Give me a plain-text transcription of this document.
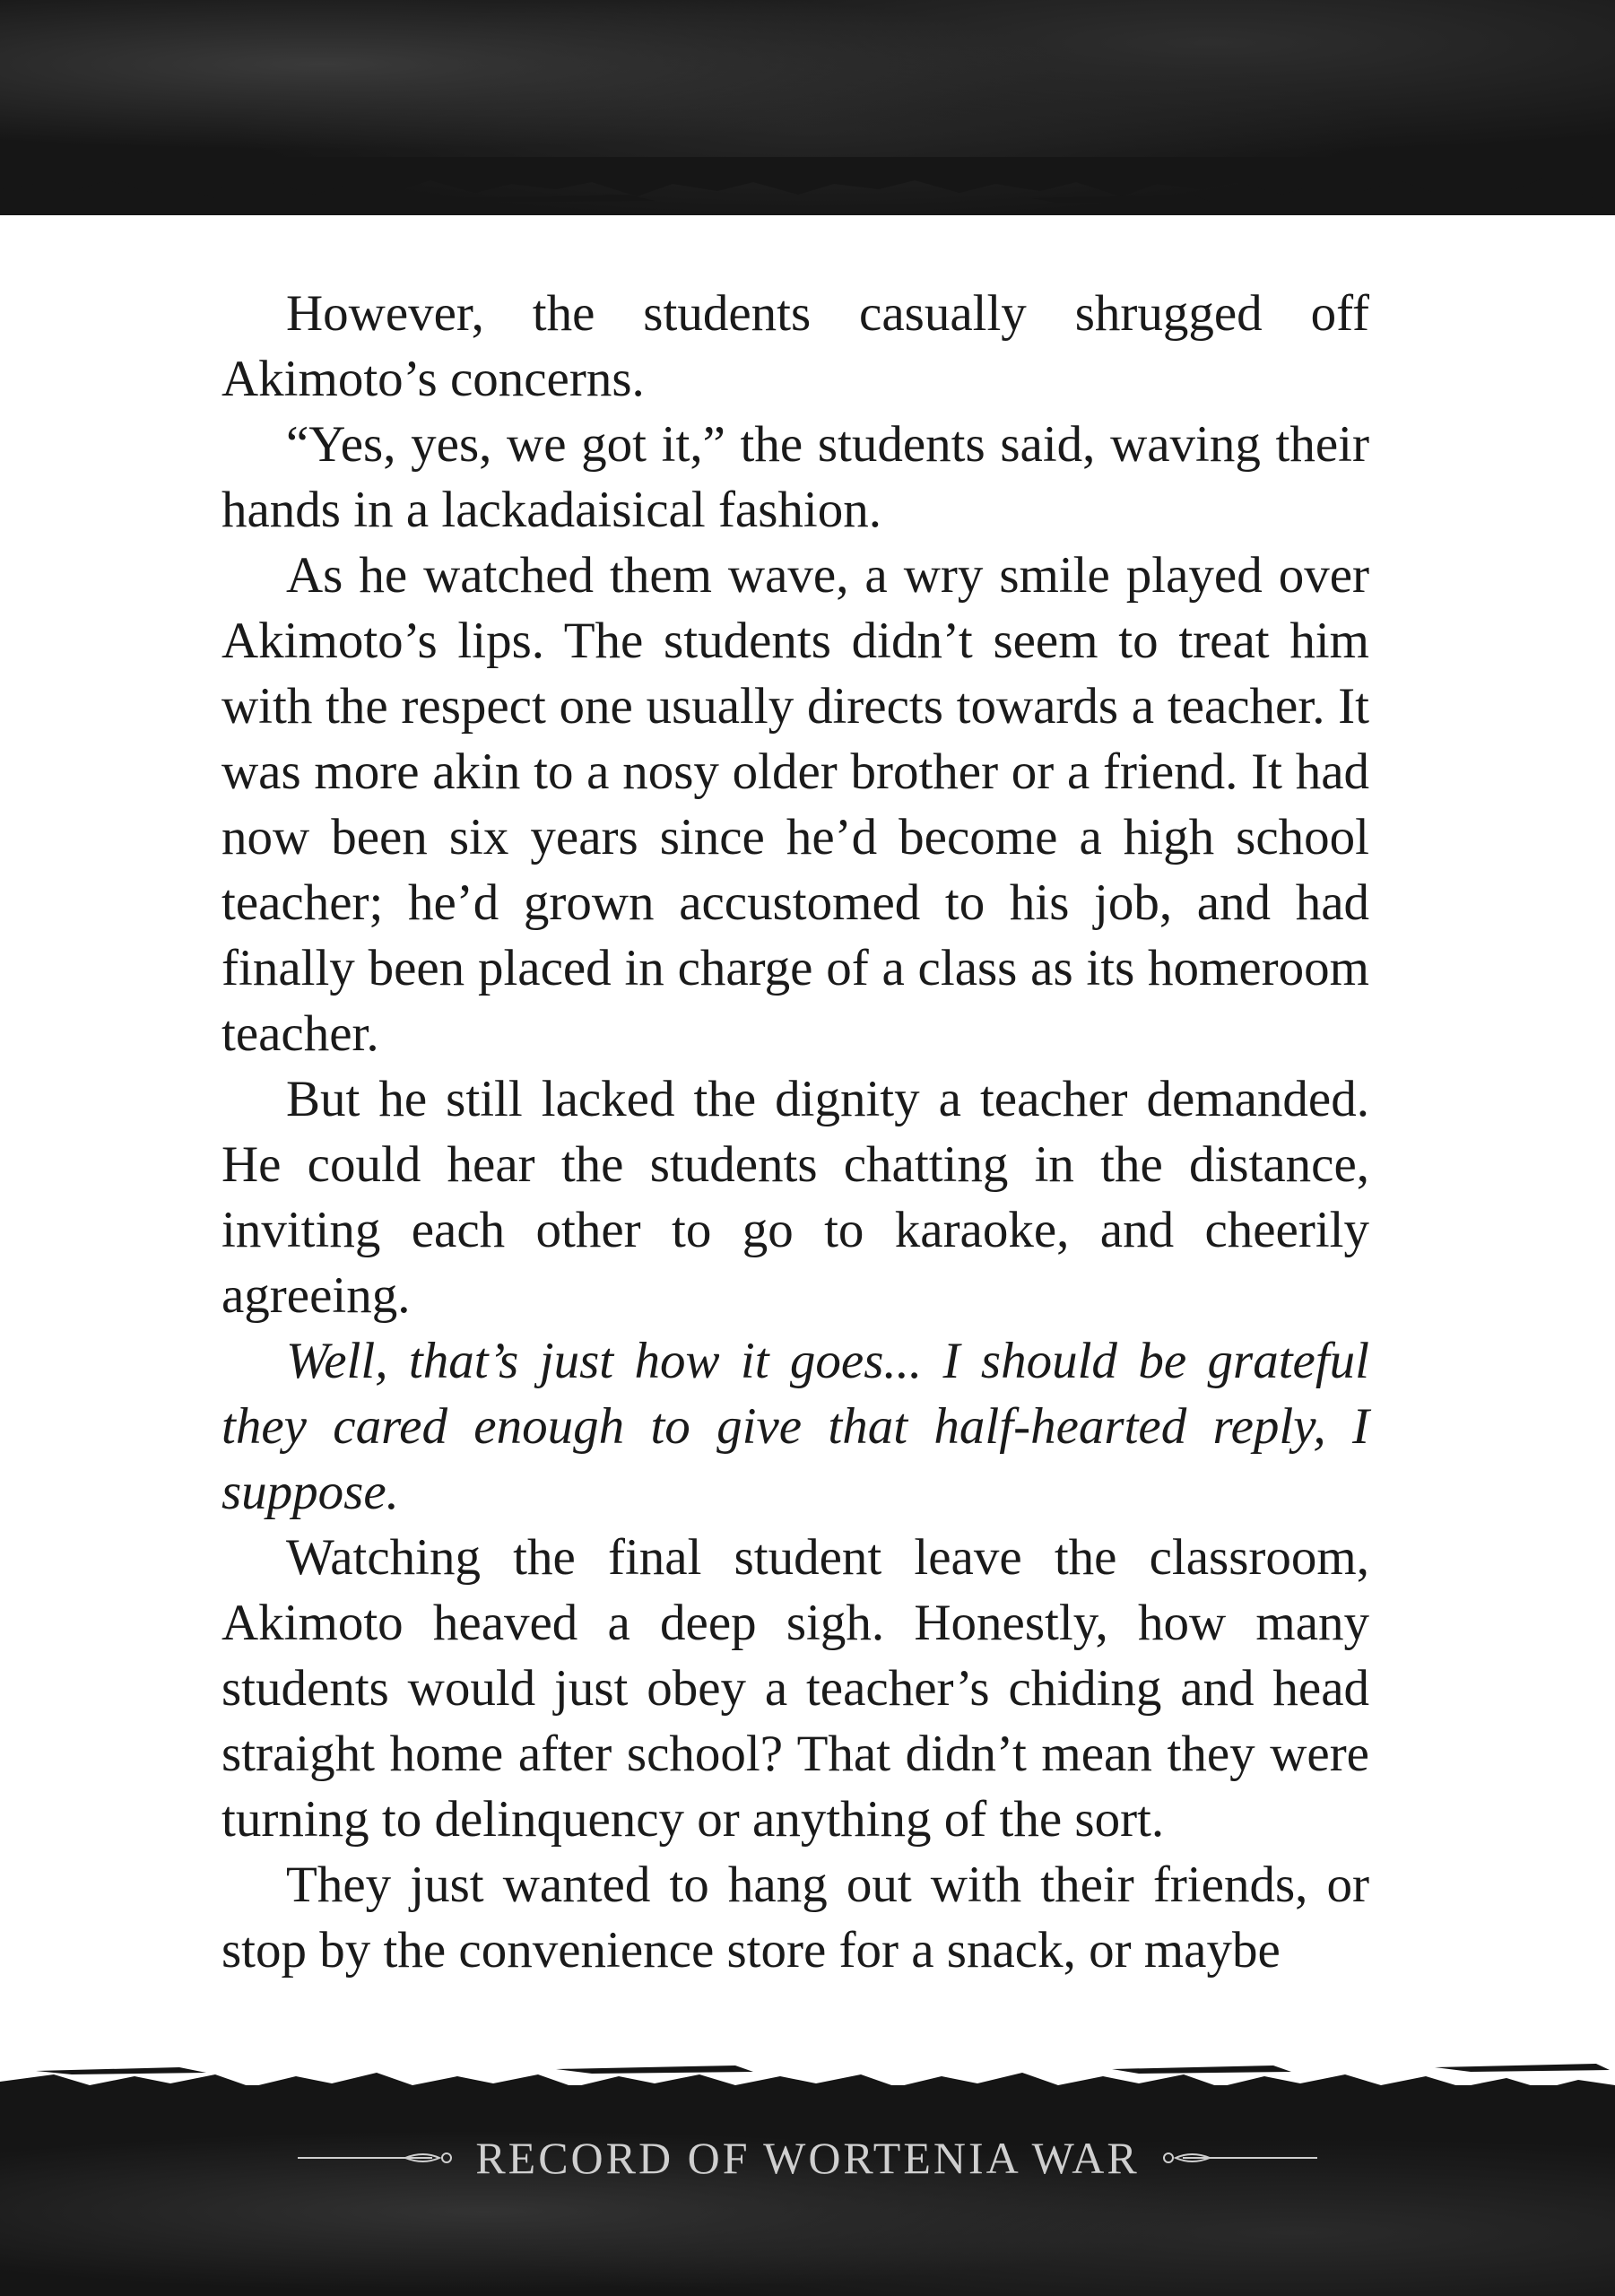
However, the students casually shrugged off Akimoto’s concerns.

“Yes, yes, we got it,” the students said, waving their hands in a lackadaisical fashion.

As he watched them wave, a wry smile played over Akimoto’s lips. The students didn’t seem to treat him with the respect one usually directs towards a teacher. It was more akin to a nosy older brother or a friend. It had now been six years since he’d become a high school teacher; he’d grown accustomed to his job, and had finally been placed in charge of a class as its homeroom teacher.

But he still lacked the dignity a teacher demanded. He could hear the students chatting in the distance, inviting each other to go to karaoke, and cheerily agreeing.

Well, that’s just how it goes... I should be grateful they cared enough to give that half-hearted reply, I suppose.

Watching the final student leave the classroom, Akimoto heaved a deep sigh. Honestly, how many students would just obey a teacher’s chiding and head straight home after school? That didn’t mean they were turning to delinquency or anything of the sort.

They just wanted to hang out with their friends, or stop by the convenience store for a snack, or maybe

RECORD OF WORTENIA WAR
